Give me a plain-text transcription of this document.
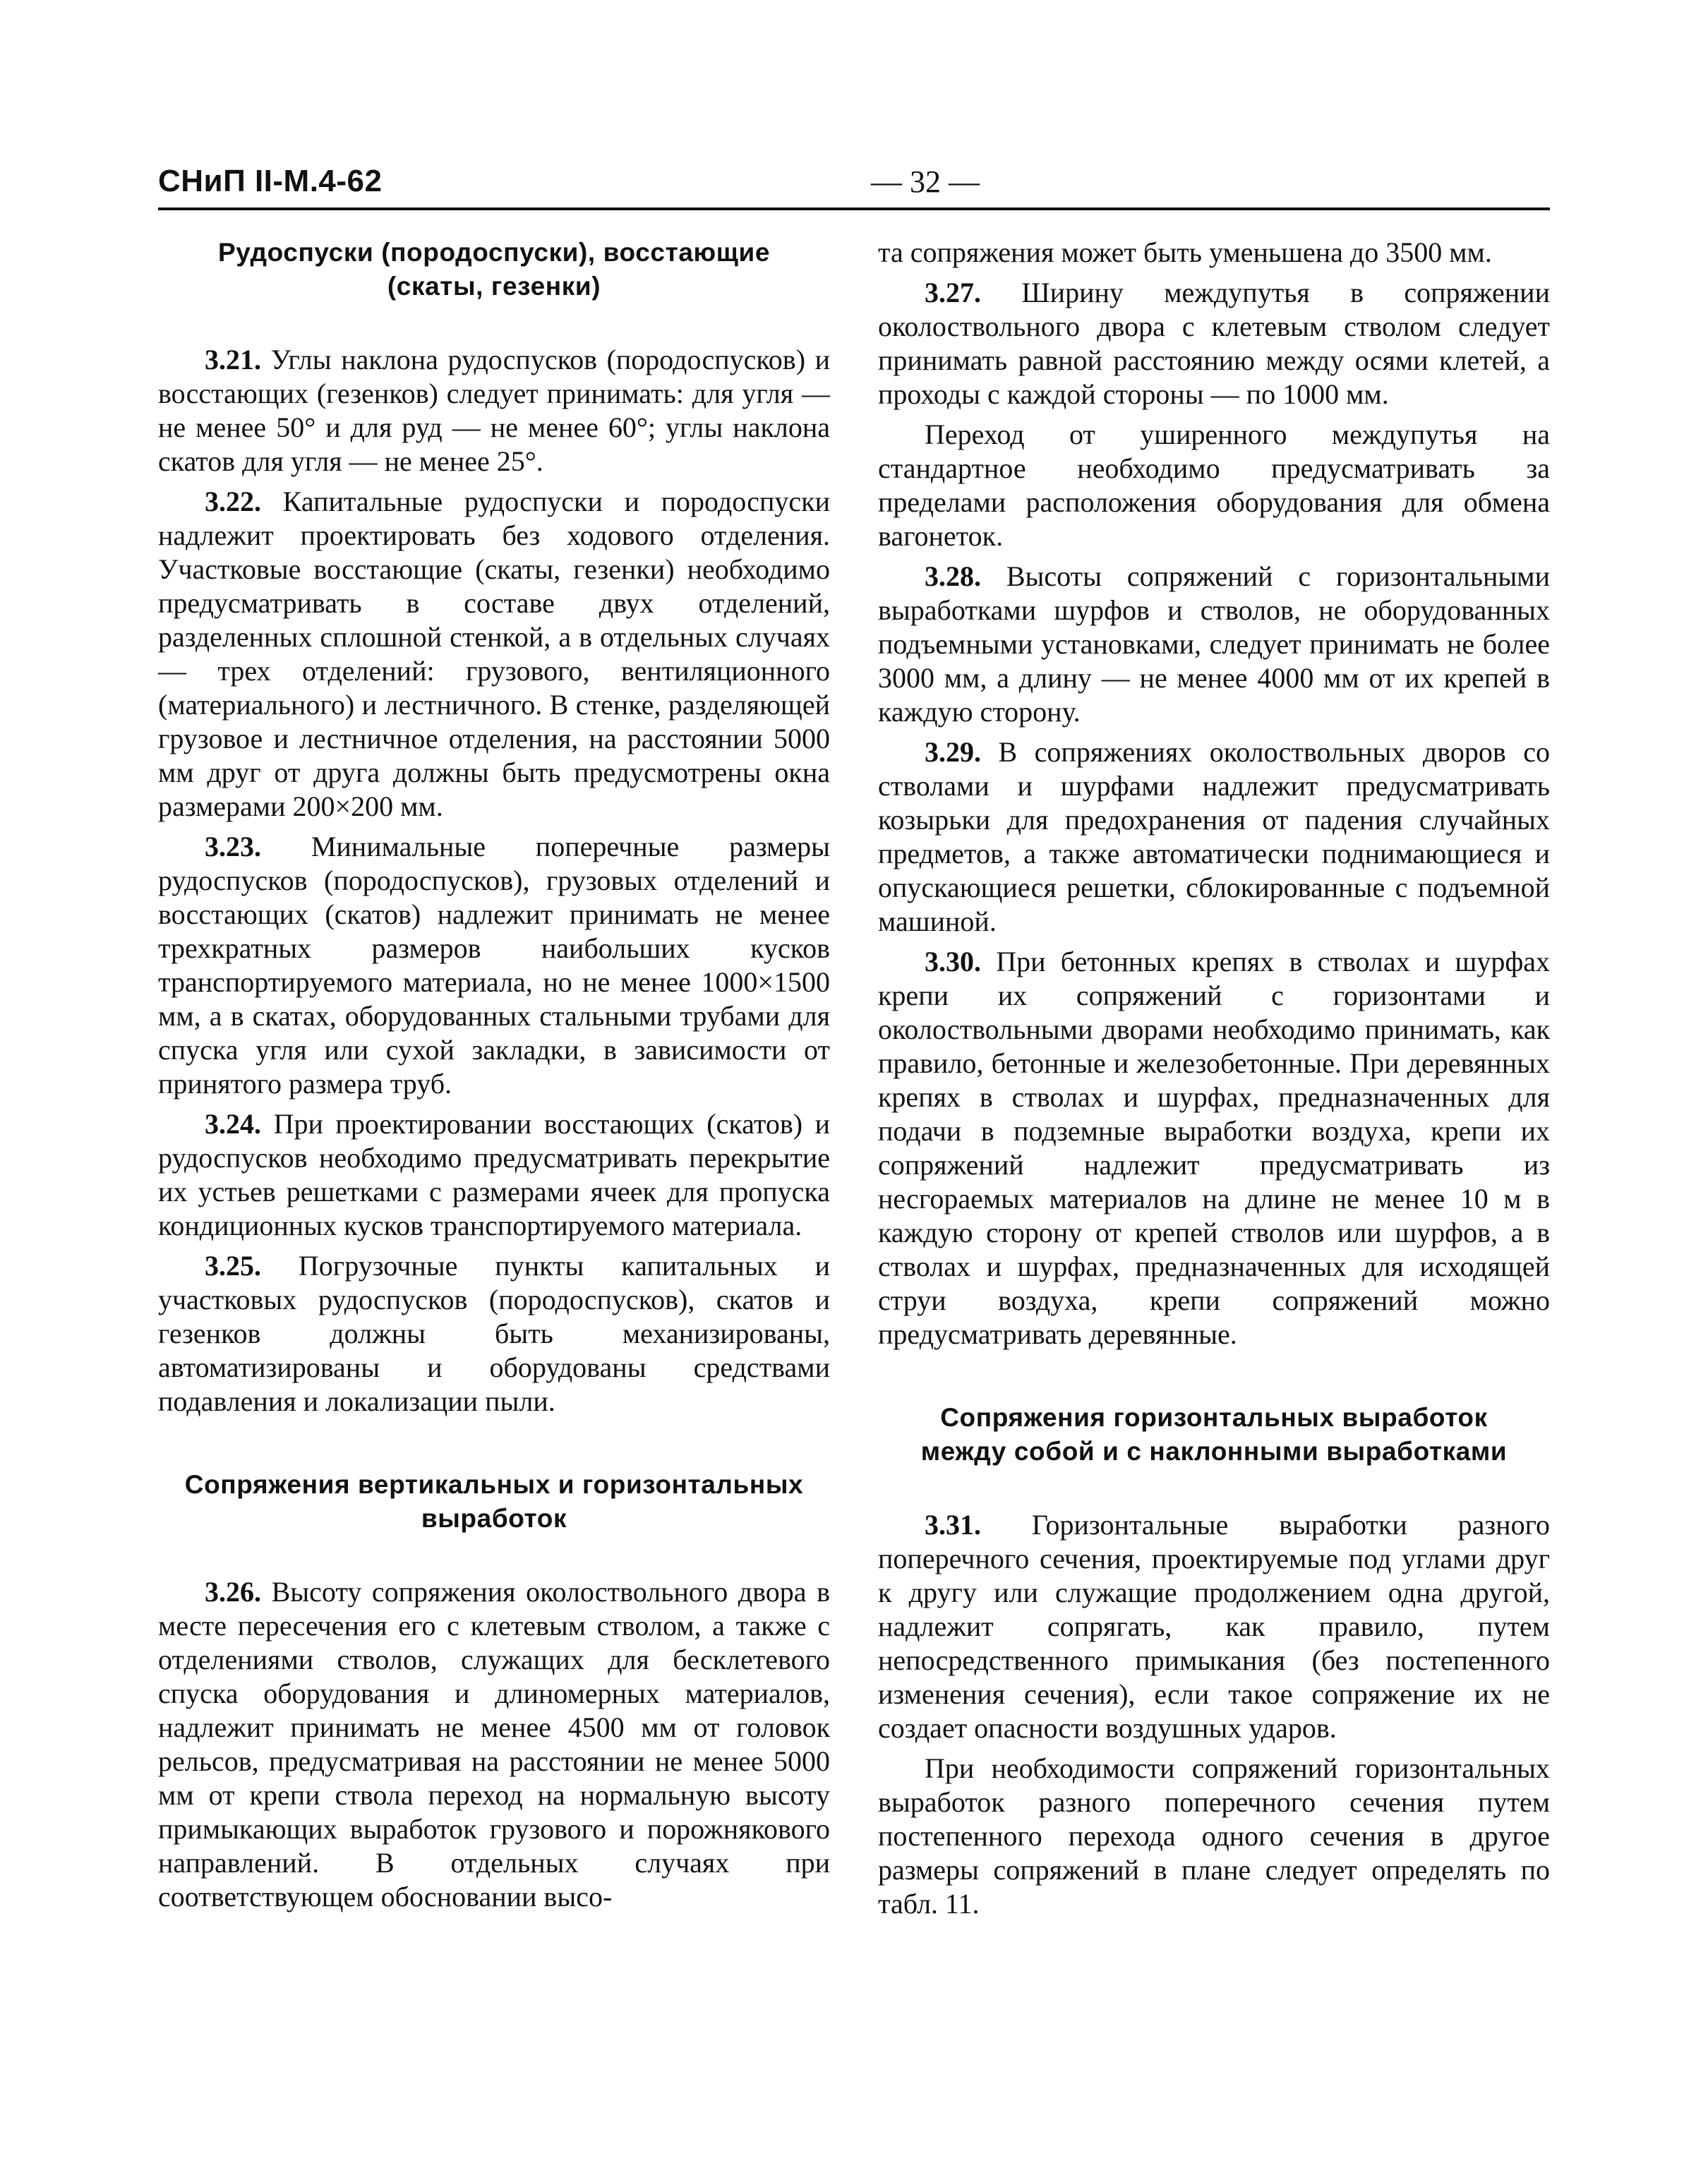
СНиП II-М.4-62	— 32 —
Рудоспуски (породоспуски), восстающие
(скаты, гезенки)

3.21. Углы наклона рудоспусков (породоспусков) и восстающих (гезенков) следует принимать: для угля — не менее 50° и для руд — не менее 60°; углы наклона скатов для угля — не менее 25°.

3.22. Капитальные рудоспуски и породоспуски надлежит проектировать без ходового отделения. Участковые восстающие (скаты, гезенки) необходимо предусматривать в составе двух отделений, разделенных сплошной стенкой, а в отдельных случаях — трех отделений: грузового, вентиляционного (материального) и лестничного. В стенке, разделяющей грузовое и лестничное отделения, на расстоянии 5000 мм друг от друга должны быть предусмотрены окна размерами 200×200 мм.

3.23. Минимальные поперечные размеры рудоспусков (породоспусков), грузовых отделений и восстающих (скатов) надлежит принимать не менее трехкратных размеров наибольших кусков транспортируемого материала, но не менее 1000×1500 мм, а в скатах, оборудованных стальными трубами для спуска угля или сухой закладки, в зависимости от принятого размера труб.

3.24. При проектировании восстающих (скатов) и рудоспусков необходимо предусматривать перекрытие их устьев решетками с размерами ячеек для пропуска кондиционных кусков транспортируемого материала.

3.25. Погрузочные пункты капитальных и участковых рудоспусков (породоспусков), скатов и гезенков должны быть механизированы, автоматизированы и оборудованы средствами подавления и локализации пыли.

Сопряжения вертикальных и горизонтальных
выработок

3.26. Высоту сопряжения околоствольного двора в месте пересечения его с клетевым стволом, а также с отделениями стволов, служащих для бесклетевого спуска оборудования и длиномерных материалов, надлежит принимать не менее 4500 мм от головок рельсов, предусматривая на расстоянии не менее 5000 мм от крепи ствола переход на нормальную высоту примыкающих выработок грузового и порожнякового направлений. В отдельных случаях при соответствующем обосновании высо-

та сопряжения может быть уменьшена до 3500 мм.

3.27. Ширину междупутья в сопряжении околоствольного двора с клетевым стволом следует принимать равной расстоянию между осями клетей, а проходы с каждой стороны — по 1000 мм.

Переход от уширенного междупутья на стандартное необходимо предусматривать за пределами расположения оборудования для обмена вагонеток.

3.28. Высоты сопряжений с горизонтальными выработками шурфов и стволов, не оборудованных подъемными установками, следует принимать не более 3000 мм, а длину — не менее 4000 мм от их крепей в каждую сторону.

3.29. В сопряжениях околоствольных дворов со стволами и шурфами надлежит предусматривать козырьки для предохранения от падения случайных предметов, а также автоматически поднимающиеся и опускающиеся решетки, сблокированные с подъемной машиной.

3.30. При бетонных крепях в стволах и шурфах крепи их сопряжений с горизонтами и околоствольными дворами необходимо принимать, как правило, бетонные и железобетонные. При деревянных крепях в стволах и шурфах, предназначенных для подачи в подземные выработки воздуха, крепи их сопряжений надлежит предусматривать из несгораемых материалов на длине не менее 10 м в каждую сторону от крепей стволов или шурфов, а в стволах и шурфах, предназначенных для исходящей струи воздуха, крепи сопряжений можно предусматривать деревянные.

Сопряжения горизонтальных выработок
между собой и с наклонными выработками

3.31. Горизонтальные выработки разного поперечного сечения, проектируемые под углами друг к другу или служащие продолжением одна другой, надлежит сопрягать, как правило, путем непосредственного примыкания (без постепенного изменения сечения), если такое сопряжение их не создает опасности воздушных ударов.

При необходимости сопряжений горизонтальных выработок разного поперечного сечения путем постепенного перехода одного сечения в другое размеры сопряжений в плане следует определять по табл. 11.
